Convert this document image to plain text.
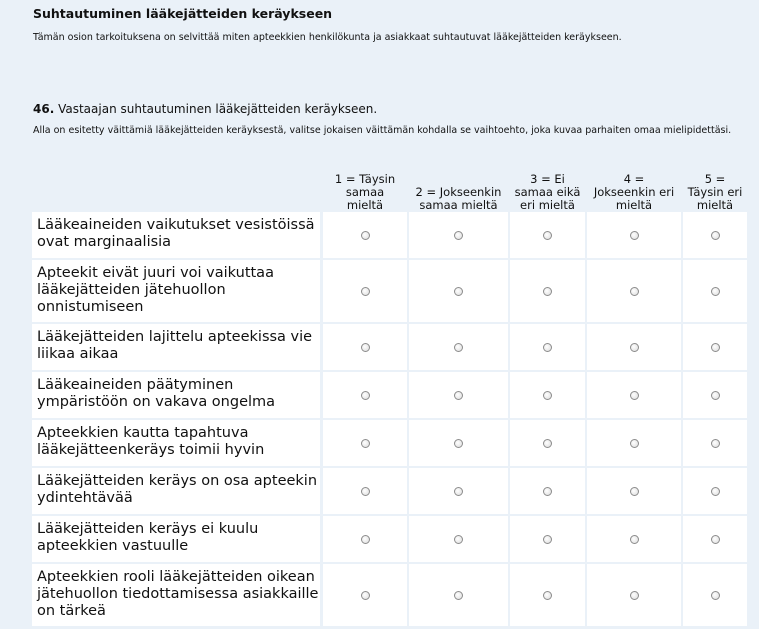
Suhtautuminen lääkejätteiden keräykseen
Tämän osion tarkoituksena on selvittää miten apteekkien henkilökunta ja asiakkaat suhtautuvat lääkejätteiden keräykseen.
46. Vastaajan suhtautuminen lääkejätteiden keräykseen.
Alla on esitetty väittämiä lääkejätteiden keräyksestä, valitse jokaisen väittämän kohdalla se vaihtoehto, joka kuvaa parhaiten omaa mielipidettäsi.
1 = Täysin
samaa
mieltä
2 = Jokseenkin
samaa mieltä
3 = Ei
samaa eikä
eri mieltä
4 =
Jokseenkin eri
mieltä
5 =
Täysin eri
mieltä
Lääkeaineiden vaikutukset vesistöissä ovat marginaalisia
Apteekit eivät juuri voi vaikuttaa lääkejätteiden jätehuollon onnistumiseen
Lääkejätteiden lajittelu apteekissa vie liikaa aikaa
Lääkeaineiden päätyminen ympäristöön on vakava ongelma
Apteekkien kautta tapahtuva lääkejätteenkeräys toimii hyvin
Lääkejätteiden keräys on osa apteekin ydintehtävää
Lääkejätteiden keräys ei kuulu apteekkien vastuulle
Apteekkien rooli lääkejätteiden oikean jätehuollon tiedottamisessa asiakkaille on tärkeä
